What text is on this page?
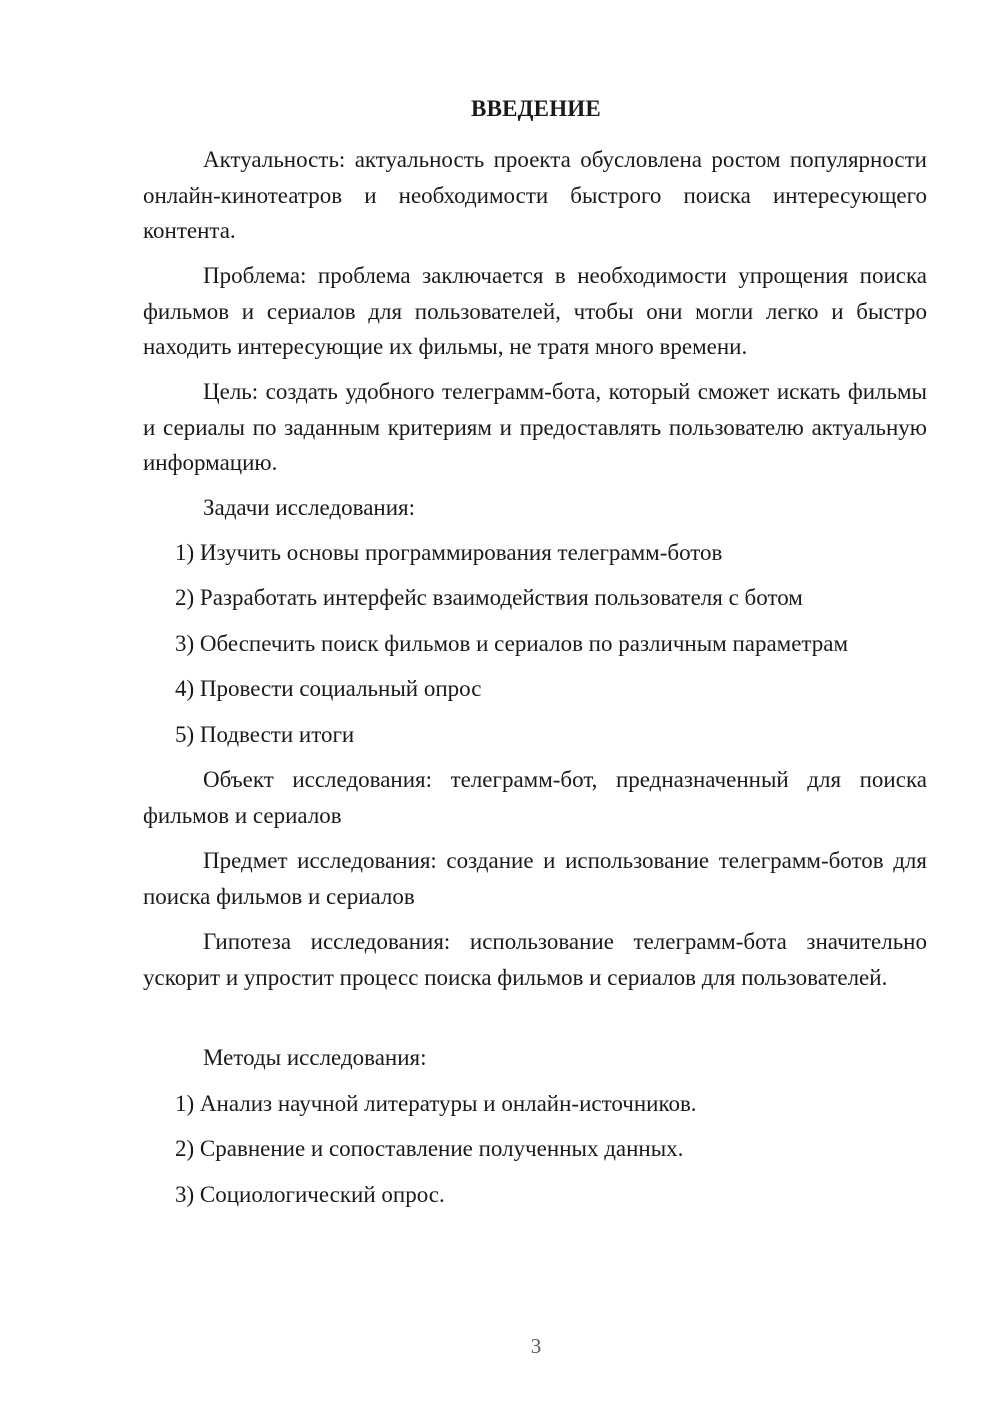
ВВЕДЕНИЕ
Актуальность: актуальность проекта обусловлена ростом популярности онлайн-кинотеатров и необходимости быстрого поиска интересующего контента.
Проблема: проблема заключается в необходимости упрощения поиска фильмов и сериалов для пользователей, чтобы они могли легко и быстро находить интересующие их фильмы, не тратя много времени.
Цель: создать удобного телеграмм-бота, который сможет искать фильмы и сериалы по заданным критериям и предоставлять пользователю актуальную информацию.
Задачи исследования:
1) Изучить основы программирования телеграмм-ботов
2) Разработать интерфейс взаимодействия пользователя с ботом
3) Обеспечить поиск фильмов и сериалов по различным параметрам
4) Провести социальный опрос
5) Подвести итоги
Объект исследования: телеграмм-бот, предназначенный для поиска фильмов и сериалов
Предмет исследования: создание и использование телеграмм-ботов для поиска фильмов и сериалов
Гипотеза исследования: использование телеграмм-бота значительно ускорит и упростит процесс поиска фильмов и сериалов для пользователей.
Методы исследования:
1) Анализ научной литературы и онлайн-источников.
2) Сравнение и сопоставление полученных данных.
3) Социологический опрос.
3
